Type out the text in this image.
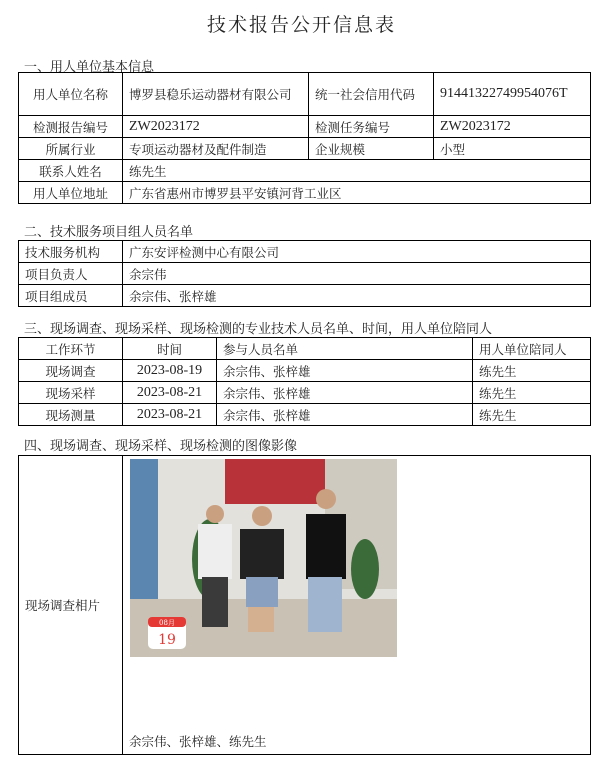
技术报告公开信息表
一、用人单位基本信息
用人单位名称	博罗县稳乐运动器材有限公司	统一社会信用代码	91441322749954076T
检测报告编号	ZW2023172	检测任务编号	ZW2023172
所属行业	专项运动器材及配件制造	企业规模	小型
联系人姓名	练先生		
用人单位地址	广东省惠州市博罗县平安镇河背工业区		
二、技术服务项目组人员名单
技术服务机构	广东安评检测中心有限公司
项目负责人	余宗伟
项目组成员	余宗伟、张梓雄
三、现场调查、现场采样、现场检测的专业技术人员名单、时间，用人单位陪同人
工作环节	时间	参与人员名单	用人单位陪同人
现场调查	2023-08-19	余宗伟、张梓雄	练先生
现场采样	2023-08-21	余宗伟、张梓雄	练先生
现场测量	2023-08-21	余宗伟、张梓雄	练先生
四、现场调查、现场采样、现场检测的图像影像
现场调查相片	余宗伟、张梓雄、练先生
08月
19
